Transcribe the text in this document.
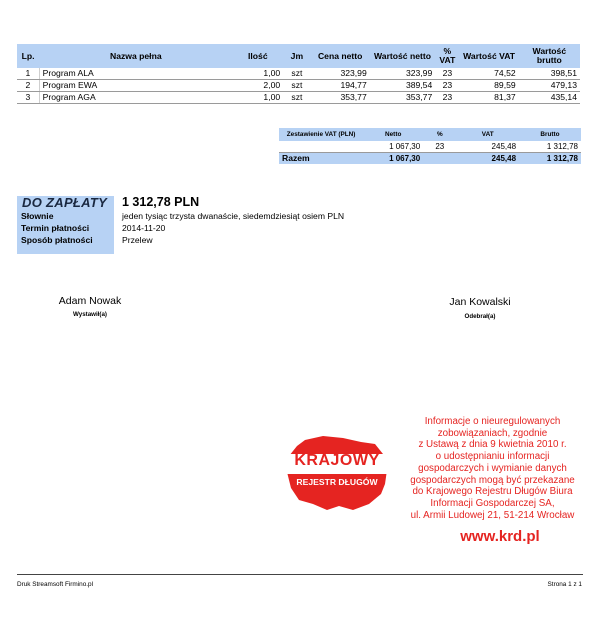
Lp.	Nazwa pełna	Ilość	Jm	Cena netto	Wartość netto	% VAT	Wartość VAT	Wartość brutto
1	Program ALA	1,00	szt	323,99	323,99	23	74,52	398,51
2	Program EWA	2,00	szt	194,77	389,54	23	89,59	479,13
3	Program AGA	1,00	szt	353,77	353,77	23	81,37	435,14
Zestawienie VAT (PLN)	Netto	%	VAT	Brutto
	1 067,30	23	245,48	1 312,78
Razem	1 067,30		245,48	1 312,78
DO ZAPŁATY	1 312,78 PLN
Słownie	jeden tysiąc trzysta dwanaście, siedemdziesiąt osiem PLN
Termin płatności	2014-11-20
Sposób płatności	Przelew
Adam Nowak
Wystawił(a)
Jan Kowalski
Odebrał(a)
KRAJOWY
REJESTR DŁUGÓW
Informacje o nieuregulowanych
zobowiązaniach, zgodnie
z Ustawą z dnia 9 kwietnia 2010 r.
o udostępnianiu informacji
gospodarczych i wymianie danych
gospodarczych mogą być przekazane
do Krajowego Rejestru Długów Biura
Informacji Gospodarczej SA,
ul. Armii Ludowej 21, 51-214 Wrocław
www.krd.pl
Druk Streamsoft Firmino.pl	Strona 1 z 1
